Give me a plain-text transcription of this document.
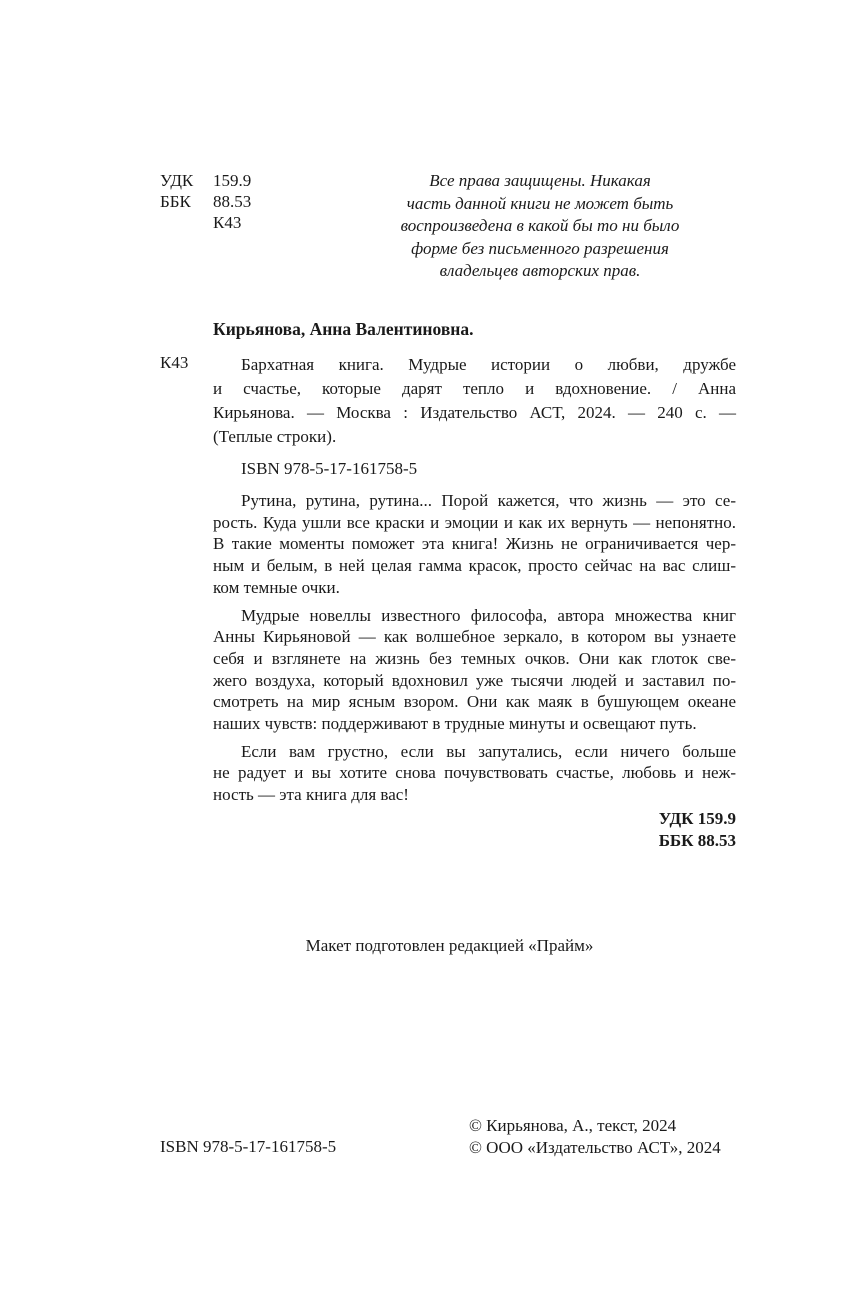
УДК	159.9
ББК	88.53
К43
Все права защищены. Никакая
часть данной книги не может быть
воспроизведена в какой бы то ни было
форме без письменного разрешения
владельцев авторских прав.
Кирьянова, Анна Валентиновна.
К43	Бархатная книга. Мудрые истории о любви, дружбе
и счастье, которые дарят тепло и вдохновение. / Анна
Кирьянова. — Москва : Издательство АСТ, 2024. — 240 с. —
(Теплые строки).
ISBN 978-5-17-161758-5

Рутина, рутина, рутина... Порой кажется, что жизнь — это се-
рость. Куда ушли все краски и эмоции и как их вернуть — непонятно.
В такие моменты поможет эта книга! Жизнь не ограничивается чер-
ным и белым, в ней целая гамма красок, просто сейчас на вас слиш-
ком темные очки.

Мудрые новеллы известного философа, автора множества книг
Анны Кирьяновой — как волшебное зеркало, в котором вы узнаете
себя и взглянете на жизнь без темных очков. Они как глоток све-
жего воздуха, который вдохновил уже тысячи людей и заставил по-
смотреть на мир ясным взором. Они как маяк в бушующем океане
наших чувств: поддерживают в трудные минуты и освещают путь.

Если вам грустно, если вы запутались, если ничего больше
не радует и вы хотите снова почувствовать счастье, любовь и неж-
ность — эта книга для вас!

УДК 159.9
ББК 88.53
Макет подготовлен редакцией «Прайм»
ISBN 978-5-17-161758-5
© Кирьянова, А., текст, 2024
© ООО «Издательство АСТ», 2024
